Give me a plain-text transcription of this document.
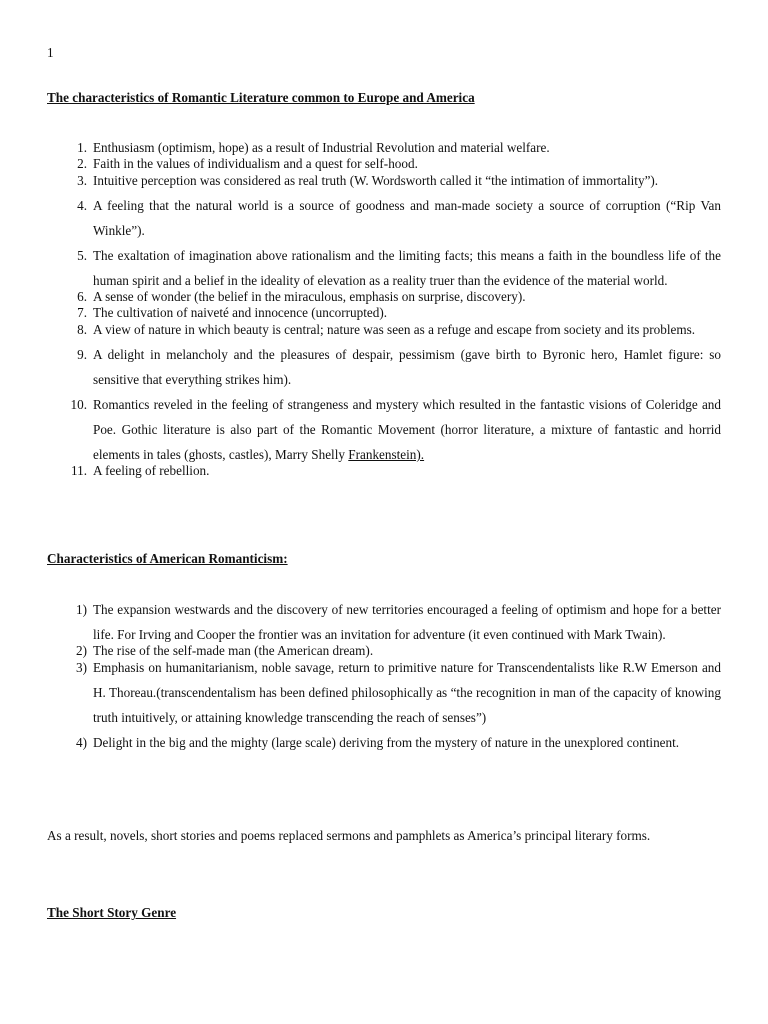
1
The characteristics of Romantic Literature common to Europe and America
1. Enthusiasm (optimism, hope) as a result of Industrial Revolution and material welfare.
2. Faith in the values of individualism and a quest for self-hood.
3. Intuitive perception was considered as real truth (W. Wordsworth called it “the intimation of immortality”).
4. A feeling that the natural world is a source of goodness and man-made society a source of corruption (“Rip Van Winkle”).
5. The exaltation of imagination above rationalism and the limiting facts; this means a faith in the boundless life of the human spirit and a belief in the ideality of elevation as a reality truer than the evidence of the material world.
6. A sense of wonder (the belief in the miraculous, emphasis on surprise, discovery).
7. The cultivation of naiveté and innocence (uncorrupted).
8. A view of nature in which beauty is central; nature was seen as a refuge and escape from society and its problems.
9. A delight in melancholy and the pleasures of despair, pessimism (gave birth to Byronic hero, Hamlet figure: so sensitive that everything strikes him).
10. Romantics reveled in the feeling of strangeness and mystery which resulted in the fantastic visions of Coleridge and Poe. Gothic literature is also part of the Romantic Movement (horror literature, a mixture of fantastic and horrid elements in tales (ghosts, castles), Marry Shelly Frankenstein).
11. A feeling of rebellion.
Characteristics of American Romanticism:
1) The expansion westwards and the discovery of new territories encouraged a feeling of optimism and hope for a better life. For Irving and Cooper the frontier was an invitation for adventure (it even continued with Mark Twain).
2) The rise of the self-made man (the American dream).
3) Emphasis on humanitarianism, noble savage, return to primitive nature for Transcendentalists like R.W Emerson and H. Thoreau.(transcendentalism has been defined philosophically as “the recognition in man of the capacity of knowing truth intuitively, or attaining knowledge transcending the reach of senses”)
4) Delight in the big and the mighty (large scale) deriving from the mystery of nature in the unexplored continent.
As a result, novels, short stories and poems replaced sermons and pamphlets as America’s principal literary forms.
The Short Story Genre
